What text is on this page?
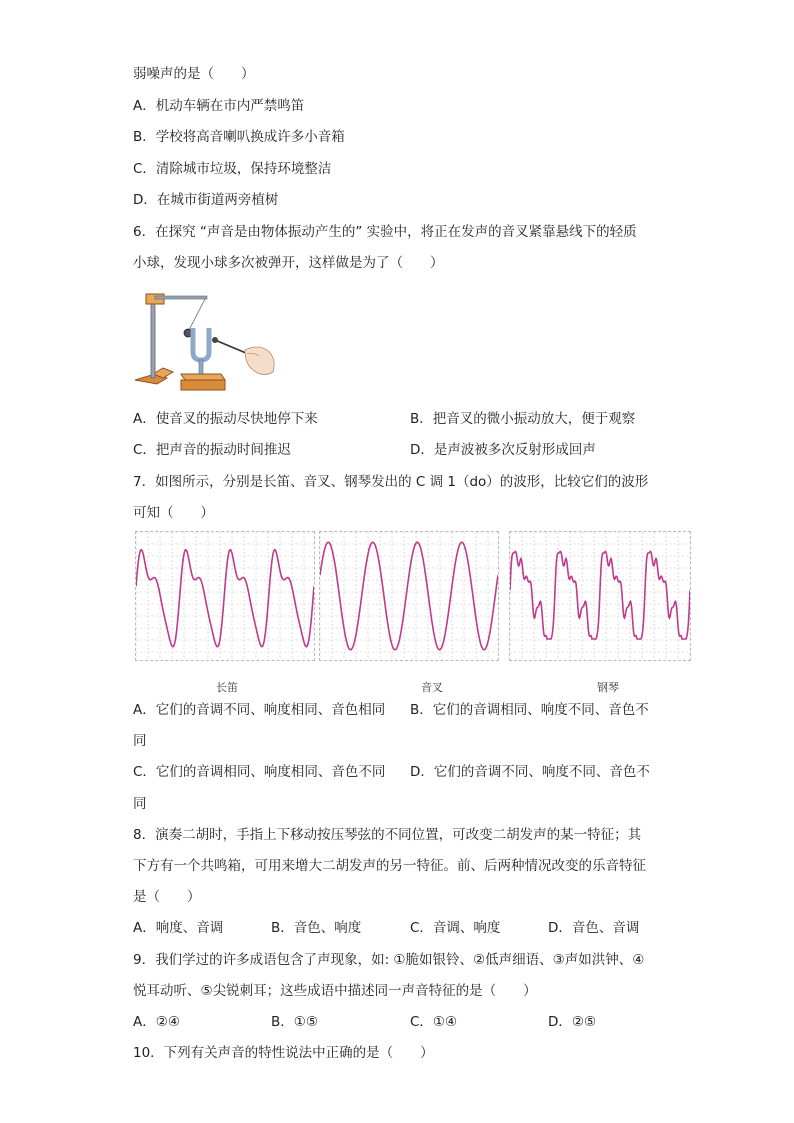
弱噪声的是（　　）
A．机动车辆在市内严禁鸣笛
B．学校将高音喇叭换成许多小音箱
C．清除城市垃圾，保持环境整洁
D．在城市街道两旁植树
6．在探究 “声音是由物体振动产生的” 实验中，将正在发声的音叉紧靠悬线下的轻质
小球，发现小球多次被弹开，这样做是为了（　　）
A．使音叉的振动尽快地停下来	B．把音叉的微小振动放大，便于观察
C．把声音的振动时间推迟	D．是声波被多次反射形成回声
7．如图所示，分别是长笛、音叉、钢琴发出的 C 调 1（do）的波形，比较它们的波形
可知（　　）
长笛	音叉	钢琴
A．它们的音调不同、响度相同、音色相同 B．它们的音调相同、响度不同、音色不
同
C．它们的音调相同、响度相同、音色不同 D．它们的音调不同、响度不同、音色不
同
8．演奏二胡时，手指上下移动按压琴弦的不同位置，可改变二胡发声的某一特征；其
下方有一个共鸣箱，可用来增大二胡发声的另一特征。前、后两种情况改变的乐音特征
是（　　）
A．响度、音调	B．音色、响度	C．音调、响度	D．音色、音调
9．我们学过的许多成语包含了声现象，如: ①脆如银铃、②低声细语、③声如洪钟、④
悦耳动听、⑤尖锐刺耳；这些成语中描述同一声音特征的是（　　）
A．②④	B．①⑤	C．①④	D．②⑤
10．下列有关声音的特性说法中正确的是（　　）
